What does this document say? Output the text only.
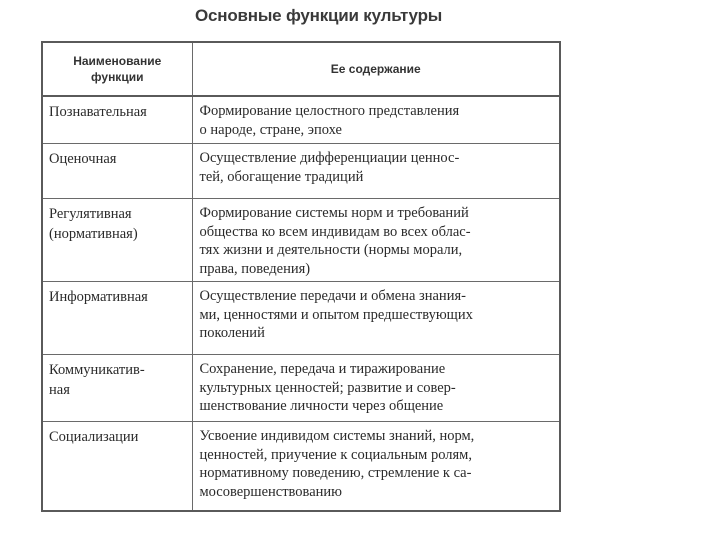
Основные функции культуры
Наименование
функции	Ее содержание

Познавательная	Формирование целостного представления
о народе, стране, эпохе

Оценочная	Осуществление дифференциации ценнос-
тей, обогащение традиций

Регулятивная
(нормативная)	Формирование системы норм и требований
общества ко всем индивидам во всех облас-
тях жизни и деятельности (нормы морали,
права, поведения)

Информативная	Осуществление передачи и обмена знания-
ми, ценностями и опытом предшествующих
поколений

Коммуникатив-
ная	Сохранение, передача и тиражирование
культурных ценностей; развитие и совер-
шенствование личности через общение

Социализации	Усвоение индивидом системы знаний, норм,
ценностей, приучение к социальным ролям,
нормативному поведению, стремление к са-
мосовершенствованию
